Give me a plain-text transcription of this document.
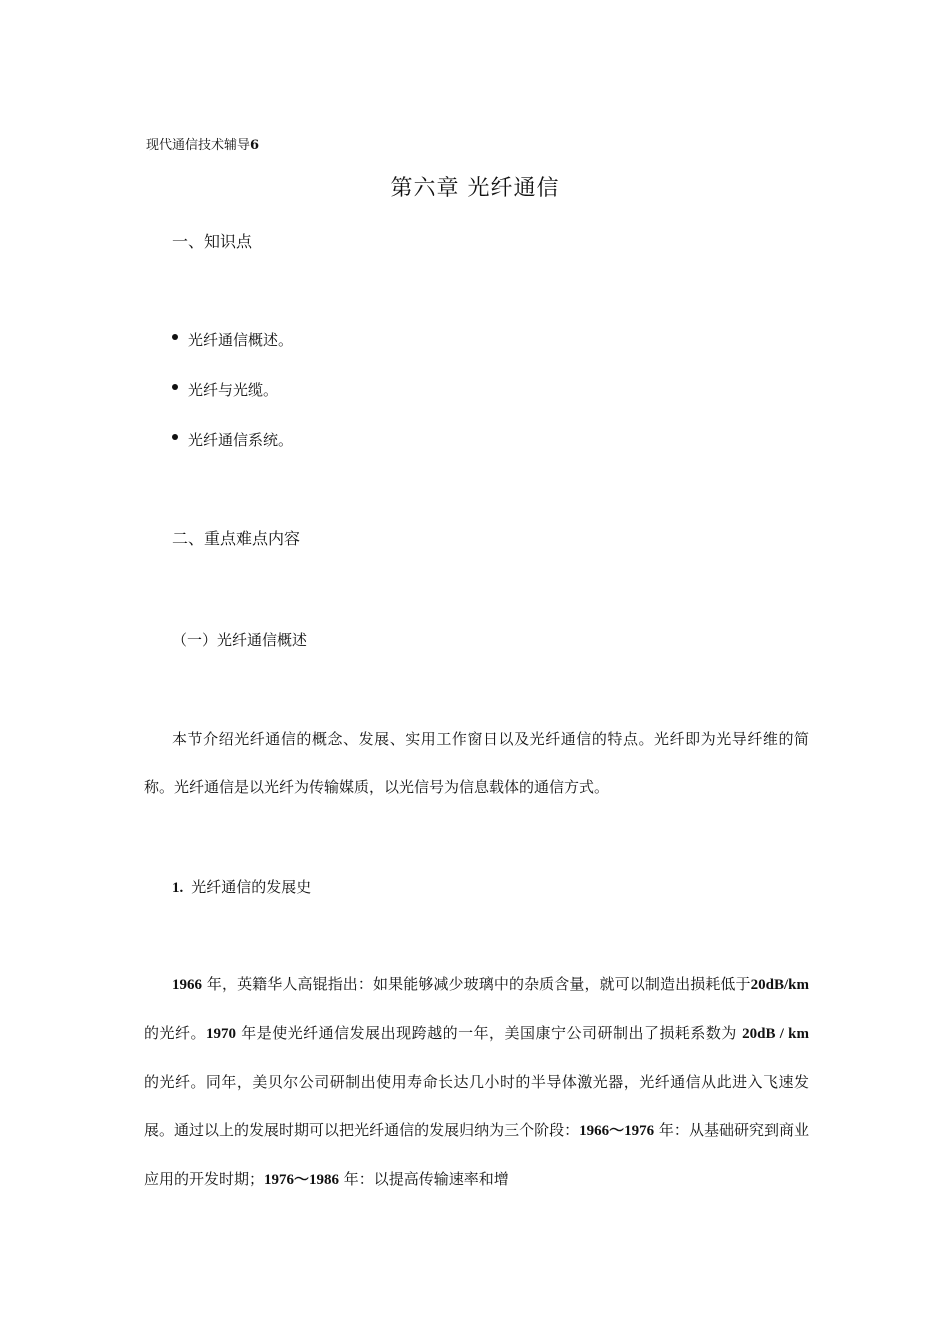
现代通信技术辅导6
第六章 光纤通信
一、知识点
光纤通信概述。
光纤与光缆。
光纤通信系统。
二、重点难点内容
（一）光纤通信概述
本节介绍光纤通信的概念、发展、实用工作窗日以及光纤通信的特点。光纤即为光导纤维的简称。光纤通信是以光纤为传输媒质，以光信号为信息载体的通信方式。
1. 光纤通信的发展史
1966 年，英籍华人高锟指出：如果能够减少玻璃中的杂质含量，就可以制造出损耗低于20dB/km 的光纤。1970 年是使光纤通信发展出现跨越的一年，美国康宁公司研制出了损耗系数为 20dB / km 的光纤。同年，美贝尔公司研制出使用寿命长达几小时的半导体激光器，光纤通信从此进入飞速发展。通过以上的发展时期可以把光纤通信的发展归纳为三个阶段：1966～1976 年：从基础研究到商业应用的开发时期；1976～1986 年：以提高传输速率和增
